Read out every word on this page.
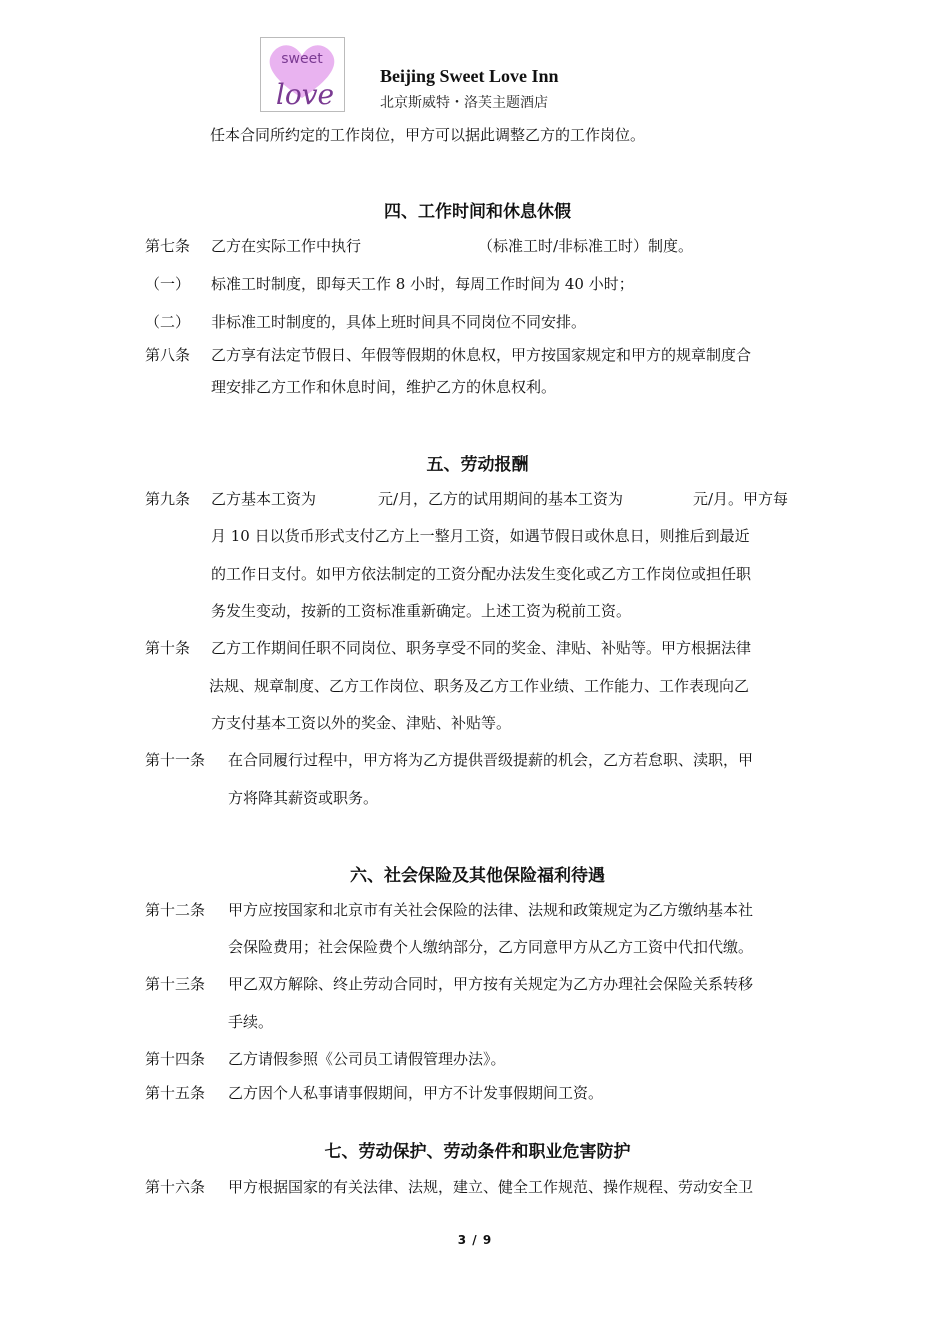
sweet
love
Beijing Sweet Love Inn
北京斯威特・洛芙主题酒店
任本合同所约定的工作岗位，甲方可以据此调整乙方的工作岗位。
四、工作时间和休息休假
第七条 乙方在实际工作中执行	（标准工时/非标准工时）制度。
（一） 标准工时制度，即每天工作 8 小时，每周工作时间为 40 小时；
（二） 非标准工时制度的，具体上班时间具不同岗位不同安排。
第八条 乙方享有法定节假日、年假等假期的休息权，甲方按国家规定和甲方的规章制度合
理安排乙方工作和休息时间，维护乙方的休息权利。
五、劳动报酬
第九条 乙方基本工资为	元/月，乙方的试用期间的基本工资为	元/月。甲方每
月 10 日以货币形式支付乙方上一整月工资，如遇节假日或休息日，则推后到最近
的工作日支付。如甲方依法制定的工资分配办法发生变化或乙方工作岗位或担任职
务发生变动，按新的工资标准重新确定。上述工资为税前工资。
第十条 乙方工作期间任职不同岗位、职务享受不同的奖金、津贴、补贴等。甲方根据法律
法规、规章制度、乙方工作岗位、职务及乙方工作业绩、工作能力、工作表现向乙
方支付基本工资以外的奖金、津贴、补贴等。
第十一条 在合同履行过程中，甲方将为乙方提供晋级提薪的机会，乙方若怠职、渎职，甲
方将降其薪资或职务。
六、社会保险及其他保险福利待遇
第十二条 甲方应按国家和北京市有关社会保险的法律、法规和政策规定为乙方缴纳基本社
会保险费用；社会保险费个人缴纳部分，乙方同意甲方从乙方工资中代扣代缴。
第十三条 甲乙双方解除、终止劳动合同时，甲方按有关规定为乙方办理社会保险关系转移
手续。
第十四条 乙方请假参照《公司员工请假管理办法》。
第十五条 乙方因个人私事请事假期间，甲方不计发事假期间工资。
七、劳动保护、劳动条件和职业危害防护
第十六条 甲方根据国家的有关法律、法规，建立、健全工作规范、操作规程、劳动安全卫
3 / 9
